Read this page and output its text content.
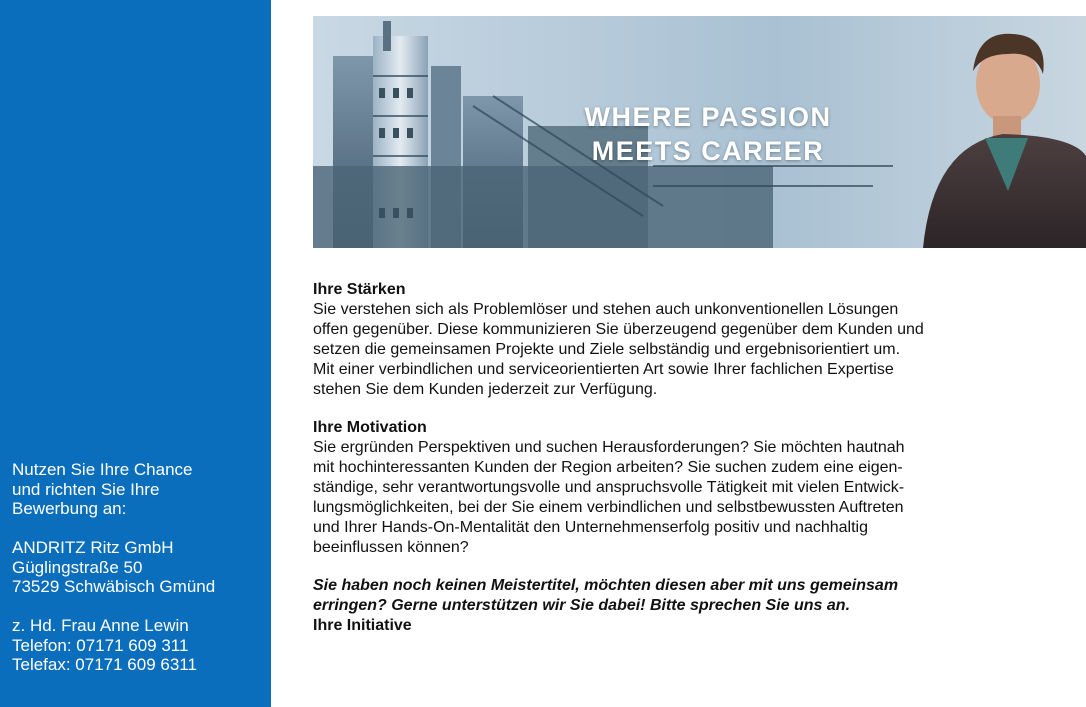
Nutzen Sie Ihre Chance
und richten Sie Ihre
Bewerbung an:
ANDRITZ Ritz GmbH
Güglingstraße 50
73529 Schwäbisch Gmünd
z. Hd. Frau Anne Lewin
Telefon: 07171 609 311
Telefax: 07171 609 6311
WHERE PASSION
MEETS CAREER
Ihre Stärken

Sie verstehen sich als Problemlöser und stehen auch unkonventionellen Lösungen
offen gegenüber. Diese kommunizieren Sie überzeugend gegenüber dem Kunden und
setzen die gemeinsamen Projekte und Ziele selbständig und ergebnisorientiert um.
Mit einer verbindlichen und serviceorientierten Art sowie Ihrer fachlichen Expertise
stehen Sie dem Kunden jederzeit zur Verfügung.

Ihre Motivation

Sie ergründen Perspektiven und suchen Herausforderungen? Sie möchten hautnah
mit hochinteressanten Kunden der Region arbeiten? Sie suchen zudem eine eigen-
ständige, sehr verantwortungsvolle und anspruchsvolle Tätigkeit mit vielen Entwick-
lungsmöglichkeiten, bei der Sie einem verbindlichen und selbstbewussten Auftreten
und Ihrer Hands-On-Mentalität den Unternehmenserfolg positiv und nachhaltig
beeinflussen können?

Sie haben noch keinen Meistertitel, möchten diesen aber mit uns gemeinsam
erringen? Gerne unterstützen wir Sie dabei! Bitte sprechen Sie uns an.

Ihre Initiative
